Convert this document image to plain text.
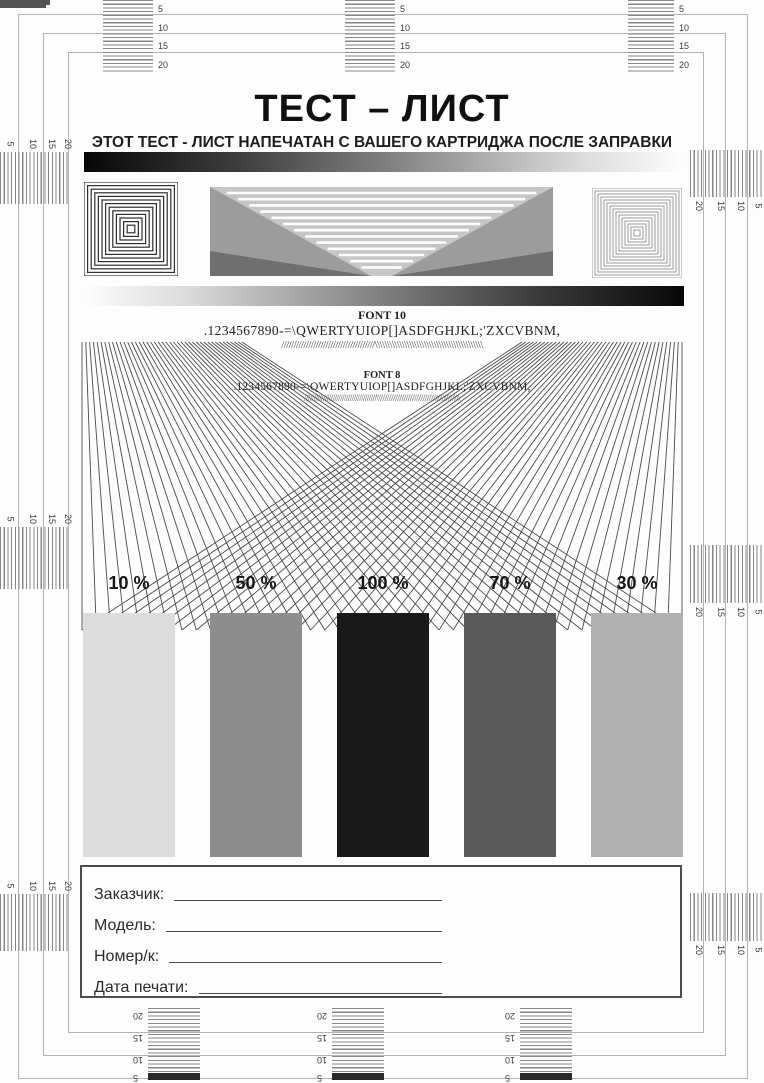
5
10
15
20
5
10
15
20
5
10
15
20
20
15
10
5
20
15
10
5
20
15
10
5
5 10 15 20
5 10 15 20
5 10 15 20
20 15 10 5
20 15 10 5
20 15 10 5
ТЕСТ – ЛИСТ
ЭТОТ ТЕСТ - ЛИСТ НАПЕЧАТАН С ВАШЕГО КАРТРИДЖА ПОСЛЕ ЗАПРАВКИ
FONT 10
.1234567890-=\QWERTYUIOP[]ASDFGHJKL;'ZXCVBNM,
//////////////////////////////////////\\\\\\\\\\\\\\\\\\\\\\\\\\\\\\\\\\\\\\\\\\\\
FONT 8
.1234567890-=\QWERTYUIOP[]ASDFGHJKL;'ZXCVBNM,
//////////////////////////////////////\\\\\\\\\\\\\\\\\\\\\\\\\\\\\\\\\\\\\\\\\\\\
10 %	50 %	100 %	70 %	30 %
Заказчик:
Модель:
Номер/к:
Дата печати:
